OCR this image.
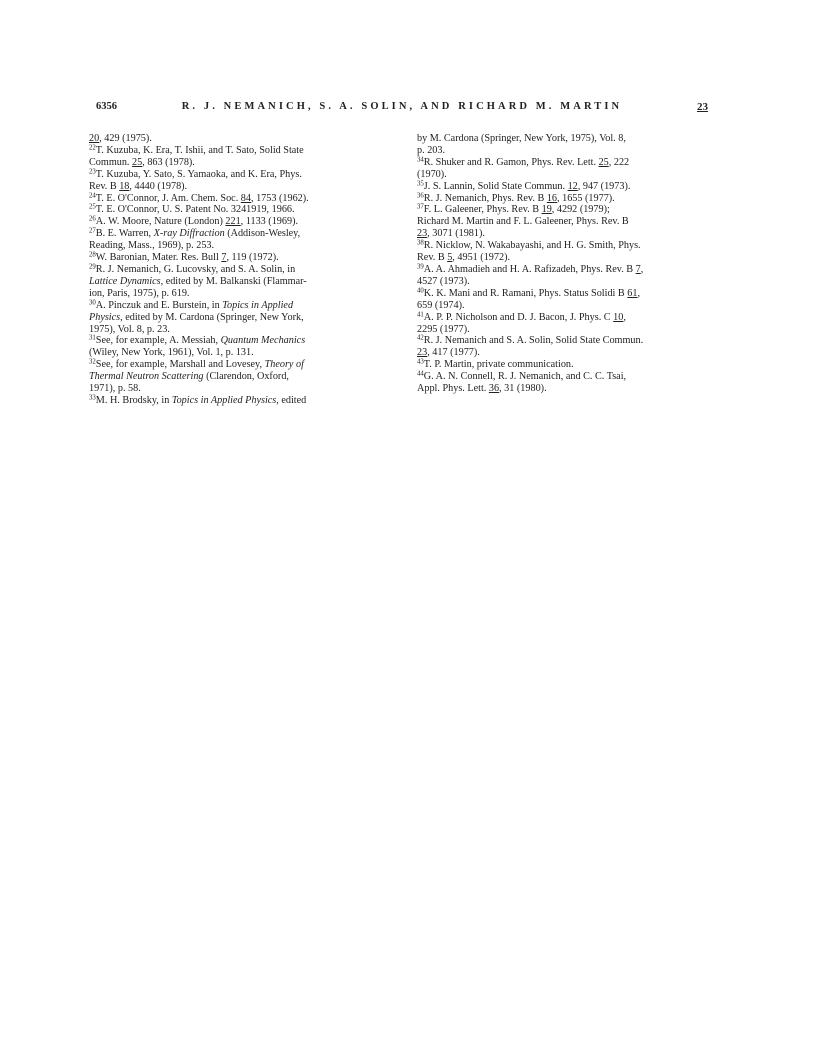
6356	R. J. NEMANICH, S. A. SOLIN, AND RICHARD M. MARTIN	23
20, 429 (1975).
$^{22}$T. Kuzuba, K. Era, T. Ishii, and T. Sato, Solid State
Commun. 25, 863 (1978).
$^{23}$T. Kuzuba, Y. Sato, S. Yamaoka, and K. Era, Phys.
Rev. B 18, 4440 (1978).
$^{24}$T. E. O'Connor, J. Am. Chem. Soc. 84, 1753 (1962).
$^{25}$T. E. O'Connor, U. S. Patent No. 3241919, 1966.
$^{26}$A. W. Moore, Nature (London) 221, 1133 (1969).
$^{27}$B. E. Warren, X-ray Diffraction (Addison-Wesley,
Reading, Mass., 1969), p. 253.
$^{28}$W. Baronian, Mater. Res. Bull 7, 119 (1972).
$^{29}$R. J. Nemanich, G. Lucovsky, and S. A. Solin, in
Lattice Dynamics, edited by M. Balkanski (Flammar-
ion, Paris, 1975), p. 619.
$^{30}$A. Pinczuk and E. Burstein, in Topics in Applied
Physics, edited by M. Cardona (Springer, New York,
1975), Vol. 8, p. 23.
$^{31}$See, for example, A. Messiah, Quantum Mechanics
(Wiley, New York, 1961), Vol. 1, p. 131.
$^{32}$See, for example, Marshall and Lovesey, Theory of
Thermal Neutron Scattering (Clarendon, Oxford,
1971), p. 58.
$^{33}$M. H. Brodsky, in Topics in Applied Physics, edited
by M. Cardona (Springer, New York, 1975), Vol. 8,
p. 203.
$^{34}$R. Shuker and R. Gamon, Phys. Rev. Lett. 25, 222
(1970).
$^{35}$J. S. Lannin, Solid State Commun. 12, 947 (1973).
$^{36}$R. J. Nemanich, Phys. Rev. B 16, 1655 (1977).
$^{37}$F. L. Galeener, Phys. Rev. B 19, 4292 (1979);
Richard M. Martin and F. L. Galeener, Phys. Rev. B
23, 3071 (1981).
$^{38}$R. Nicklow, N. Wakabayashi, and H. G. Smith, Phys.
Rev. B 5, 4951 (1972).
$^{39}$A. A. Ahmadieh and H. A. Rafizadeh, Phys. Rev. B 7,
4527 (1973).
$^{40}$K. K. Mani and R. Ramani, Phys. Status Solidi B 61,
659 (1974).
$^{41}$A. P. P. Nicholson and D. J. Bacon, J. Phys. C 10,
2295 (1977).
$^{42}$R. J. Nemanich and S. A. Solin, Solid State Commun.
23, 417 (1977).
$^{43}$T. P. Martin, private communication.
$^{44}$G. A. N. Connell, R. J. Nemanich, and C. C. Tsai,
Appl. Phys. Lett. 36, 31 (1980).
